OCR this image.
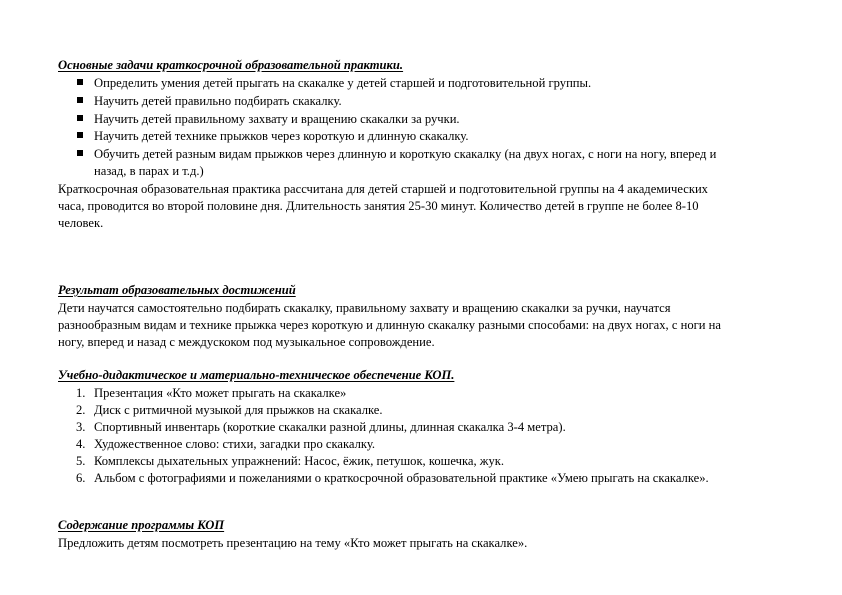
Основные задачи краткосрочной образовательной практики.
Определить умения детей прыгать на скакалке у детей старшей и подготовительной группы.
Научить детей правильно подбирать скакалку.
Научить детей правильному захвату и вращению скакалки за ручки.
Научить детей технике прыжков через короткую и длинную скакалку.
Обучить детей разным видам прыжков через длинную и короткую скакалку (на двух ногах, с ноги на ногу, вперед и
назад, в парах и т.д.)
Краткосрочная образовательная практика рассчитана для детей старшей и подготовительной группы на 4 академических
часа, проводится во второй половине дня. Длительность занятия 25-30 минут. Количество детей в группе не более 8-10
человек.
Результат образовательных достижений
Дети научатся самостоятельно подбирать скакалку, правильному захвату и вращению скакалки за ручки, научатся
разнообразным видам и технике прыжка через короткую и длинную скакалку разными способами: на двух ногах, с ноги на
ногу, вперед и назад с междускоком под музыкальное сопровождение.
Учебно-дидактическое и материально-техническое обеспечение КОП.
1. Презентация «Кто может прыгать на скакалке»
2. Диск с ритмичной музыкой для прыжков на скакалке.
3. Спортивный инвентарь (короткие скакалки разной длины, длинная скакалка 3-4 метра).
4. Художественное слово: стихи, загадки про скакалку.
5. Комплексы дыхательных упражнений: Насос, ёжик, петушок, кошечка, жук.
6. Альбом с фотографиями и пожеланиями о краткосрочной образовательной практике «Умею прыгать на скакалке».
Содержание программы КОП
Предложить детям посмотреть презентацию на тему «Кто может прыгать на скакалке».
